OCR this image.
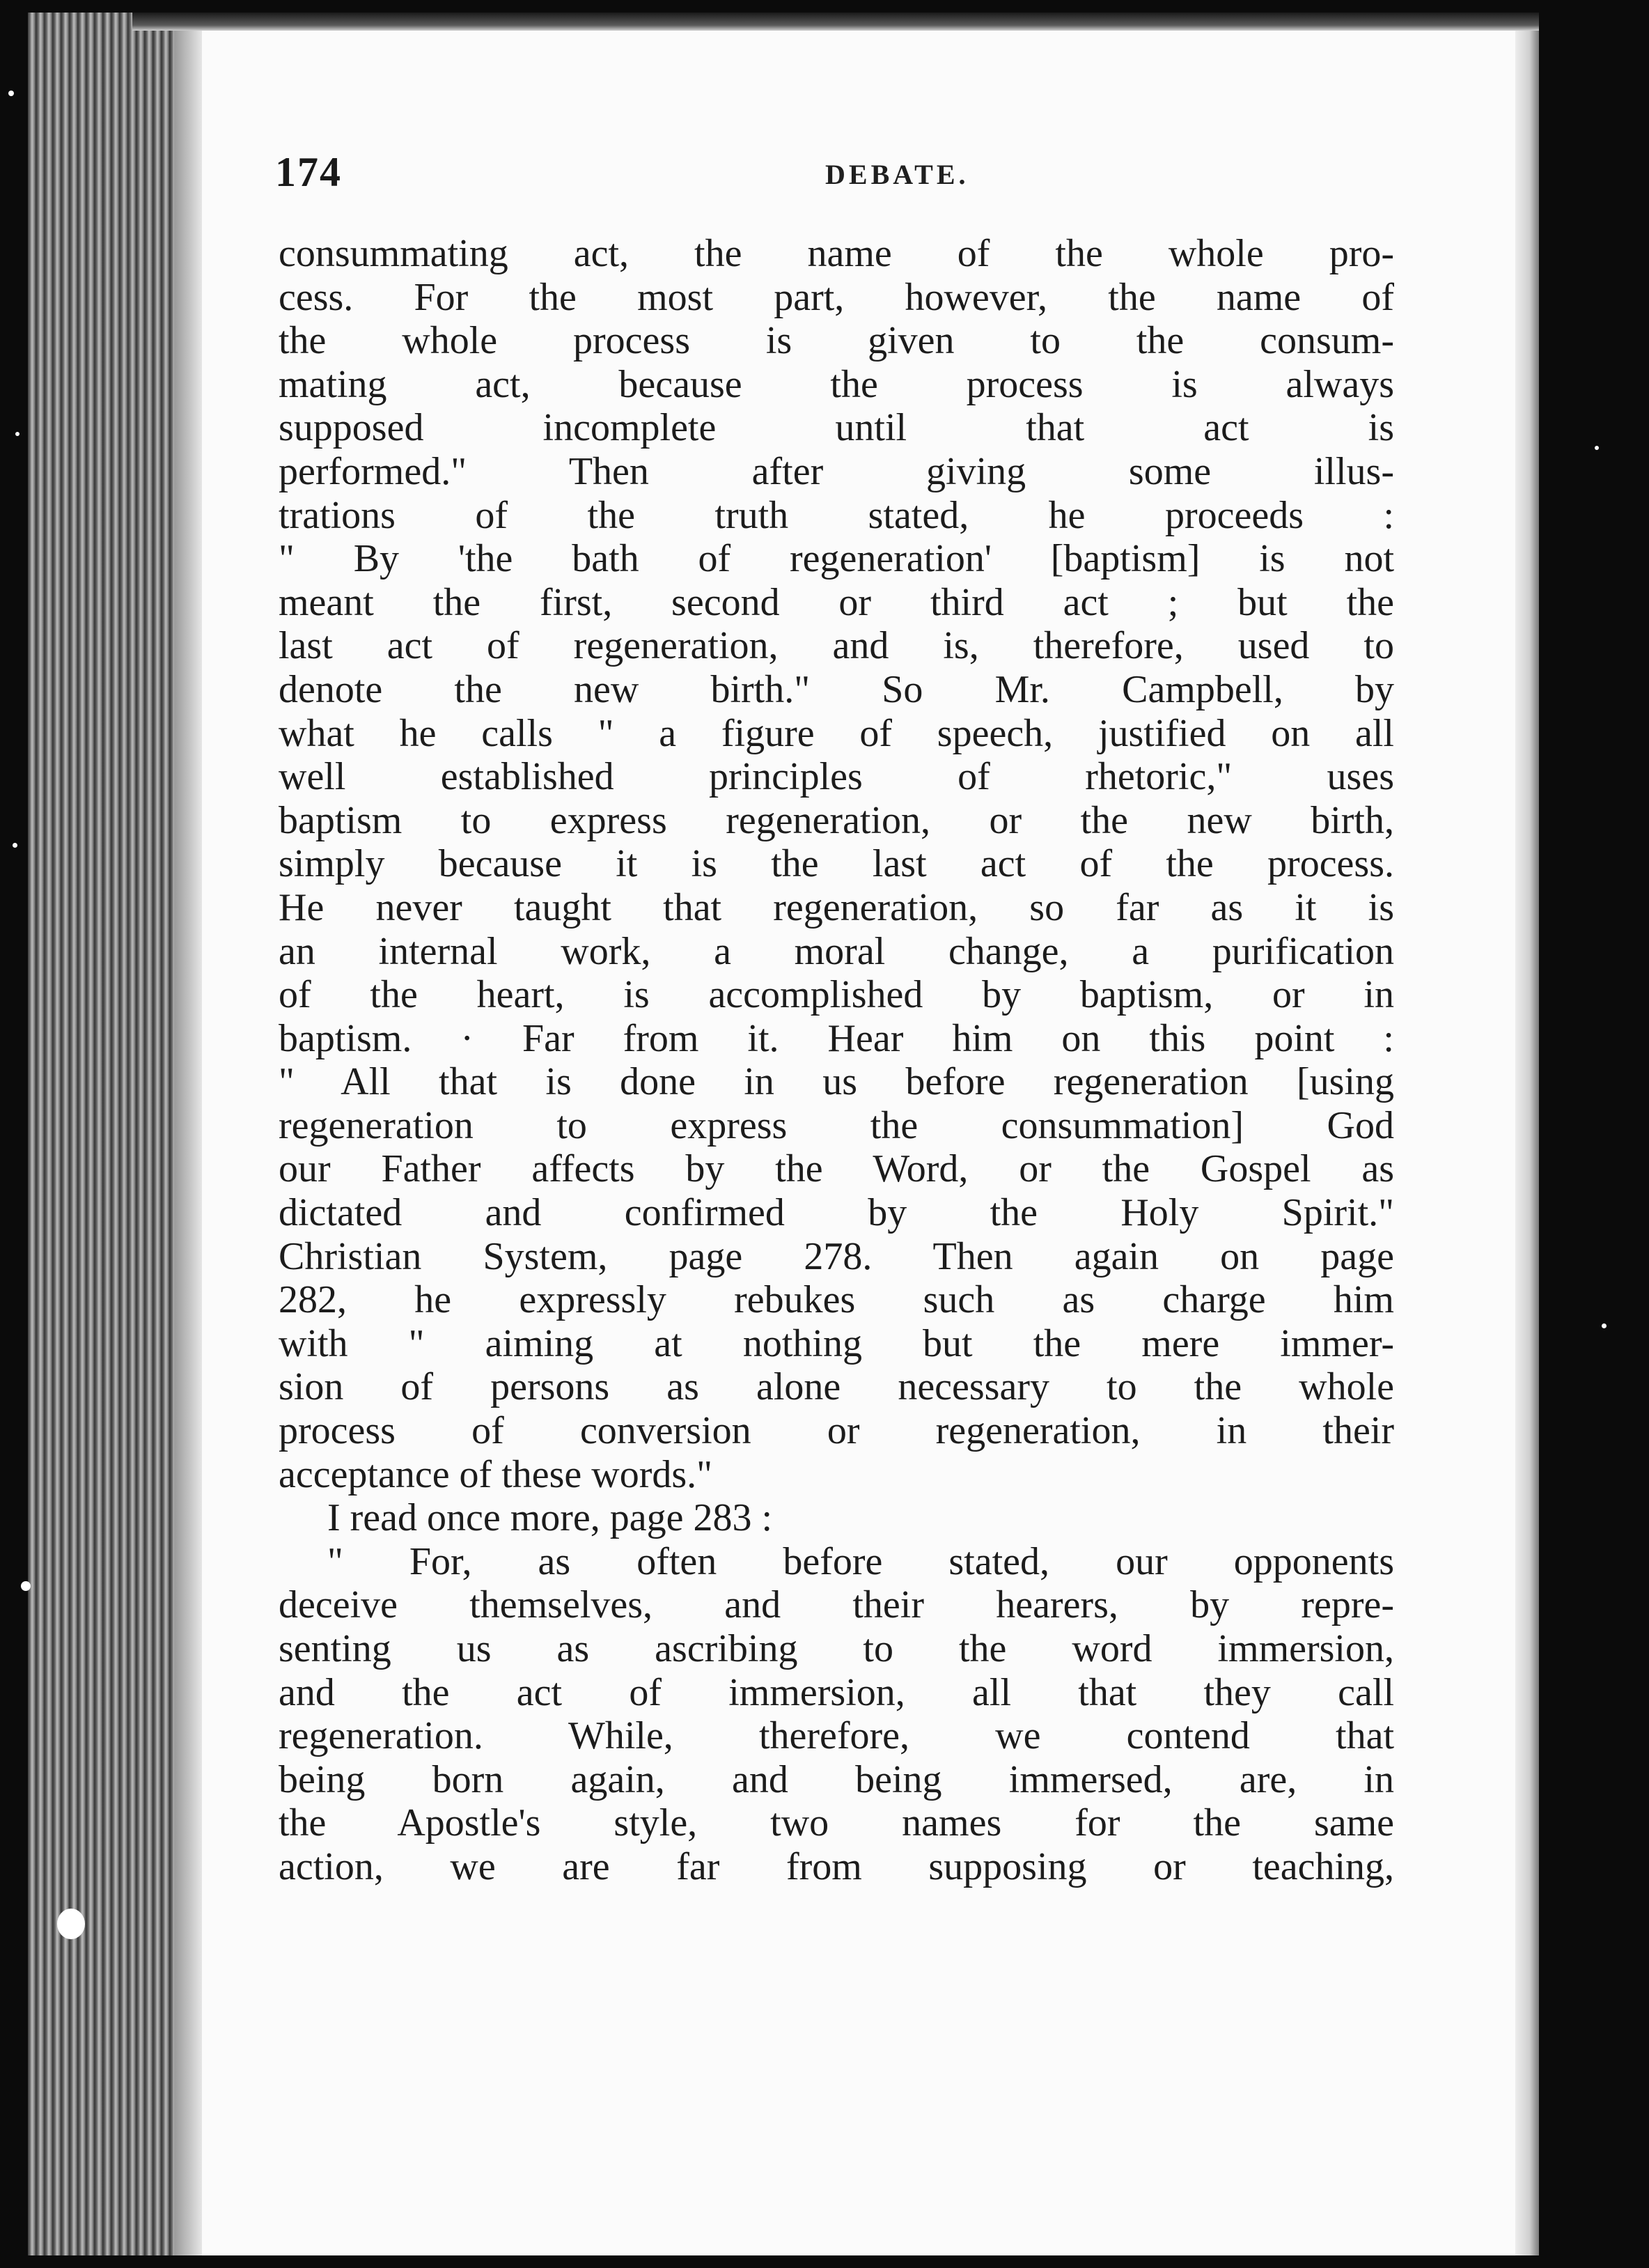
174	DEBATE.
consummating act, the name of the whole pro-
cess. For the most part, however, the name of
the whole process is given to the consum-
mating act, because the process is always
supposed incomplete until that act is
performed." Then after giving some illus-
trations of the truth stated, he proceeds :
" By 'the bath of regeneration' [baptism] is not
meant the first, second or third act ; but the
last act of regeneration, and is, therefore, used to
denote the new birth." So Mr. Campbell, by
what he calls " a figure of speech, justified on all
well established principles of rhetoric," uses
baptism to express regeneration, or the new birth,
simply because it is the last act of the process.
He never taught that regeneration, so far as it is
an internal work, a moral change, a purification
of the heart, is accomplished by baptism, or in
baptism. · Far from it. Hear him on this point :
" All that is done in us before regeneration [using
regeneration to express the consummation] God
our Father affects by the Word, or the Gospel as
dictated and confirmed by the Holy Spirit."
Christian System, page 278. Then again on page
282, he expressly rebukes such as charge him
with " aiming at nothing but the mere immer-
sion of persons as alone necessary to the whole
process of conversion or regeneration, in their
acceptance of these words."
I read once more, page 283 :
" For, as often before stated, our opponents
deceive themselves, and their hearers, by repre-
senting us as ascribing to the word immersion,
and the act of immersion, all that they call
regeneration. While, therefore, we contend that
being born again, and being immersed, are, in
the Apostle's style, two names for the same
action, we are far from supposing or teaching,
